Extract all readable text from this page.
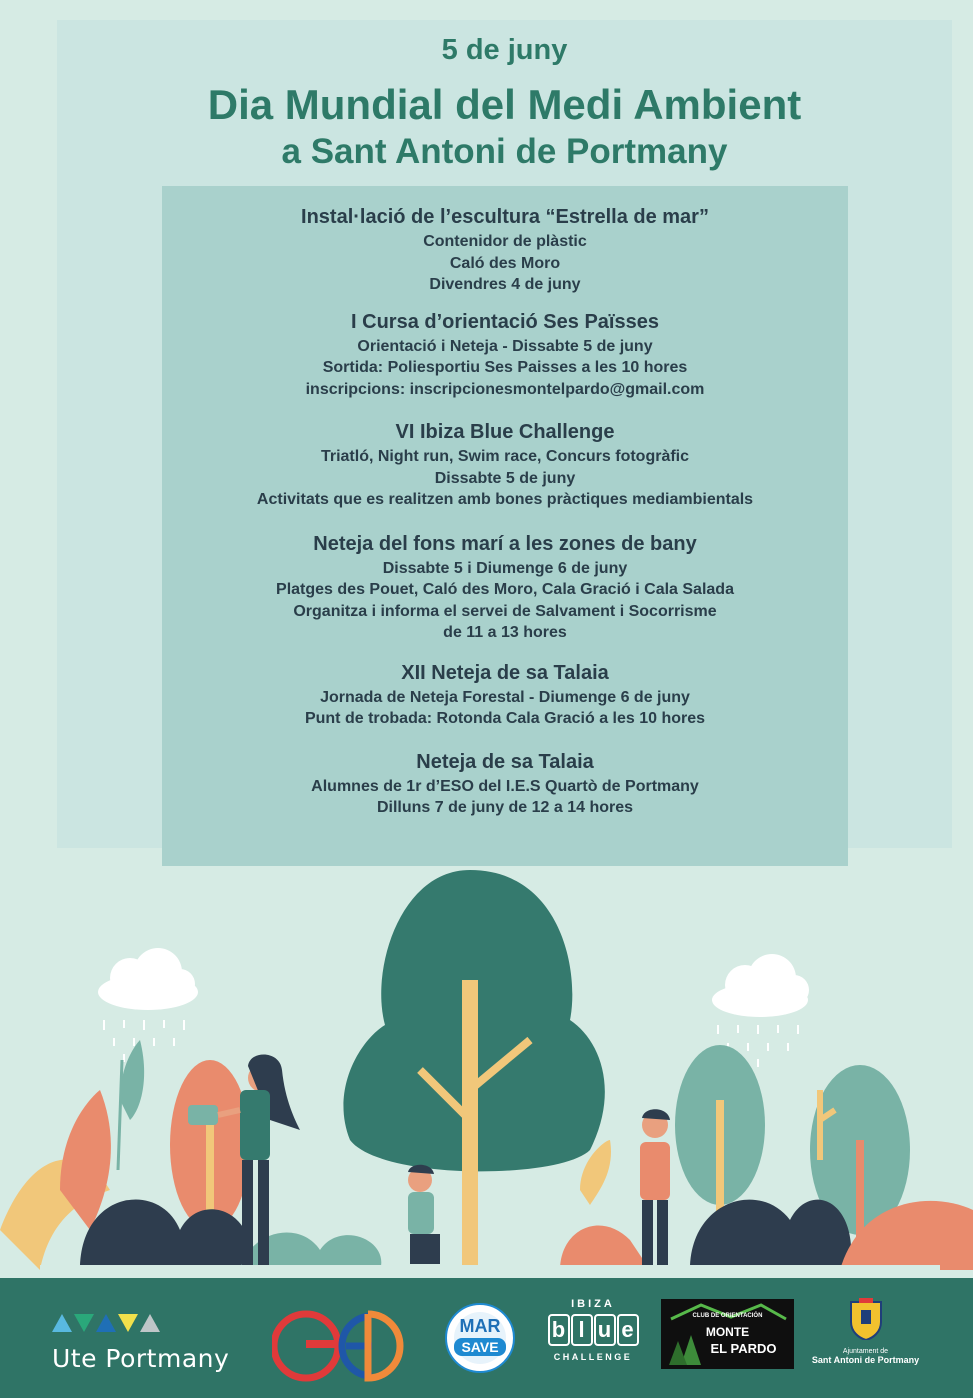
5 de juny
Dia Mundial del Medi Ambient
a Sant Antoni de Portmany
Instal·lació de l’escultura “Estrella de mar”
Contenidor de plàstic
Caló des Moro
Divendres 4 de juny
I Cursa d’orientació Ses Païsses
Orientació i Neteja - Dissabte 5 de juny
Sortida: Poliesportiu Ses Paisses a les 10 hores
inscripcions: inscripcionesmontelpardo@gmail.com
VI Ibiza Blue Challenge
Triatló, Night run, Swim race, Concurs fotogràfic
Dissabte 5 de juny
Activitats que es realitzen amb bones pràctiques mediambientals
Neteja del fons marí a les zones de bany
Dissabte 5 i Diumenge 6 de juny
Platges des Pouet, Caló des Moro, Cala Gració i Cala Salada
Organitza i informa el servei de Salvament i Socorrisme
de 11 a 13 hores
XII Neteja de sa Talaia
Jornada de Neteja Forestal - Diumenge 6 de juny
Punt de trobada: Rotonda Cala Gració a les 10 hores
Neteja de sa Talaia
Alumnes de 1r d’ESO del I.E.S Quartò de Portmany
Dilluns 7 de juny de 12 a 14 hores
Ute Portmany
MAR
SAVE
IBIZA
b l u e
CHALLENGE
CLUB DE ORIENTACIÓN
MONTE
EL PARDO	Ajuntament de
Sant Antoni de Portmany
